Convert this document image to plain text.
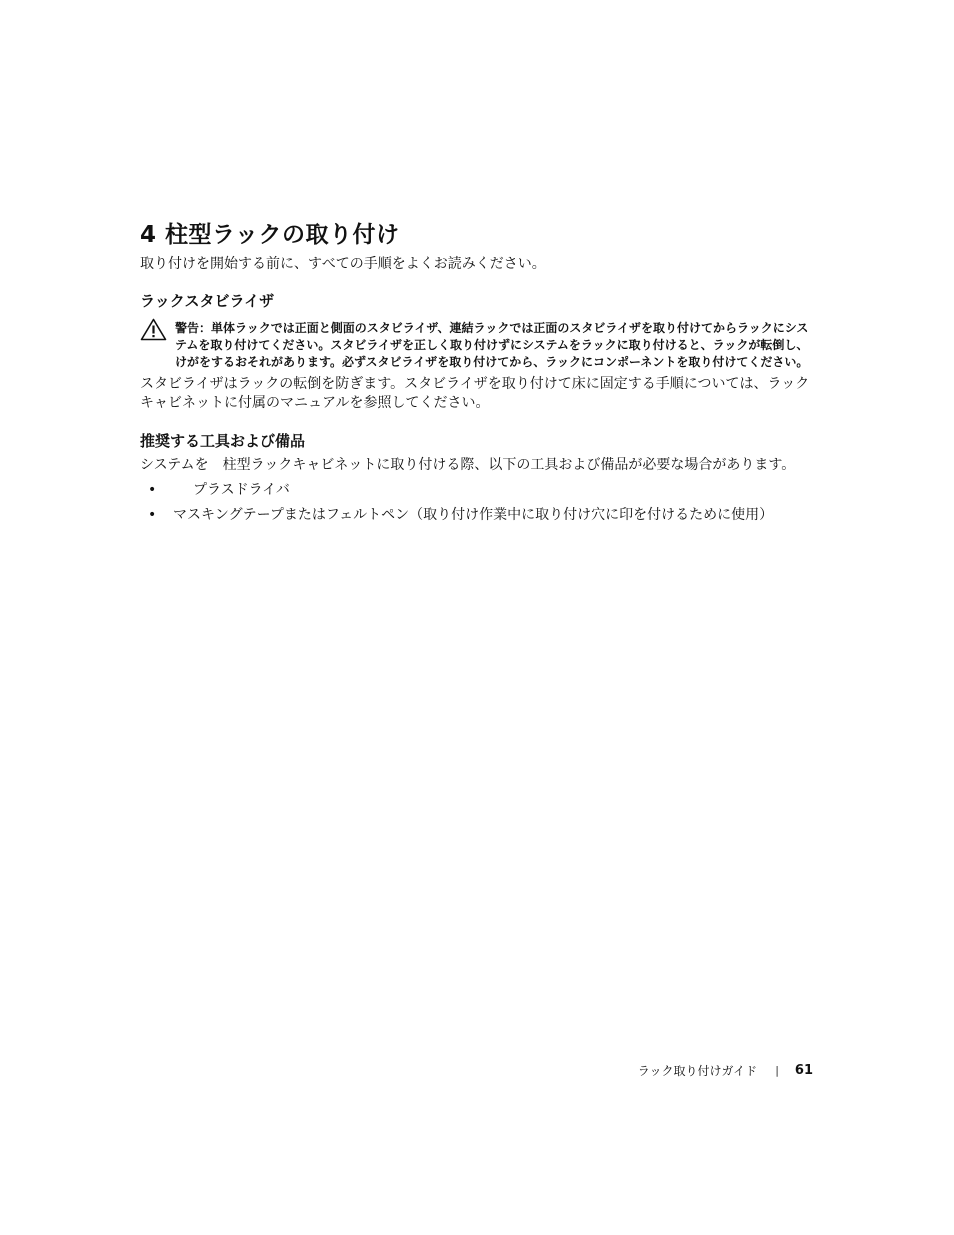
4 柱型ラックの取り付け

取り付けを開始する前に、すべての手順をよくお読みください。

ラックスタビライザ
警告：単体ラックでは正面と側面のスタビライザ、連結ラックでは正面のスタビライザを取り付けてからラックにシステムを取り付けてください。スタビライザを正しく取り付けずにシステムをラックに取り付けると、ラックが転倒し、けがをするおそれがあります。必ずスタビライザを取り付けてから、ラックにコンポーネントを取り付けてください。

スタビライザはラックの転倒を防ぎます。スタビライザを取り付けて床に固定する手順については、ラックキャビネットに付属のマニュアルを参照してください。

推奨する工具および備品

システムを　柱型ラックキャビネットに取り付ける際、以下の工具および備品が必要な場合があります。

•	プラスドライバ
• マスキングテープまたはフェルトペン（取り付け作業中に取り付け穴に印を付けるために使用）
ラック取り付けガイド | 61
